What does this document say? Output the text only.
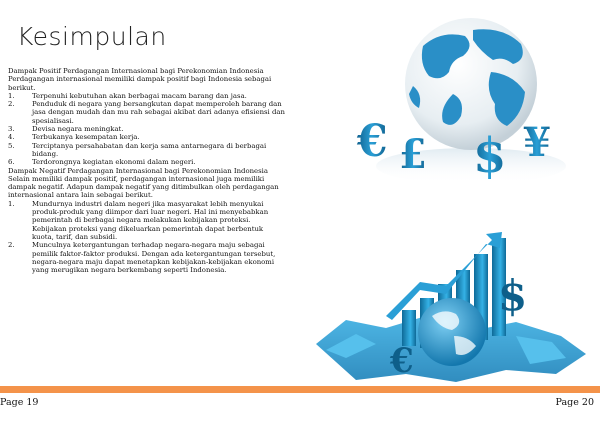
Kesimpulan

Dampak Positif Perdagangan Internasional bagi Perekonomian Indonesia

Perdagangan internasional memiliki dampak positif bagi Indonesia sebagai berikut.

1.	Terpenuhi kebutuhan akan berbagai macam barang dan jasa.
2.	Penduduk di negara yang bersangkutan dapat memperoleh barang dan jasa dengan mudah dan mu rah sebagai akibat dari adanya efisiensi dan spesialisasi.
3.	Devisa negara meningkat.
4.	Terbukanya kesempatan kerja.
5.	Terciptanya persahabatan dan kerja sama antarnegara di berbagai bidang.
6.	Terdorongnya kegiatan ekonomi dalam negeri.

Dampak Negatif Perdagangan Internasional bagi Perekonomian Indonesia

Selain memiliki dampak positif, perdagangan internasional juga memiliki dampak negatif. Adapun dampak negatif yang ditimbulkan oleh perdagangan internasional antara lain sebagai berikut.

1.	Mundurnya industri dalam negeri jika masyarakat lebih menyukai produk-produk yang diimpor dari luar negeri. Hal ini menyebabkan pemerintah di berbagai negara melakukan kebijakan proteksi. Kebijakan proteksi yang dikeluarkan pemerintah dapat berbentuk kuota, tarif, dan subsidi.
2.	Munculnya ketergantungan terhadap negara-negara maju sebagai pemilik faktor-faktor produksi. Dengan ada ketergantungan tersebut, negara-negara maju dapat menetapkan kebijakan-kebijakan ekonomi yang merugikan negara berkembang seperti Indonesia.
€ £ $ ¥
$
€
Page 19	Page 20
